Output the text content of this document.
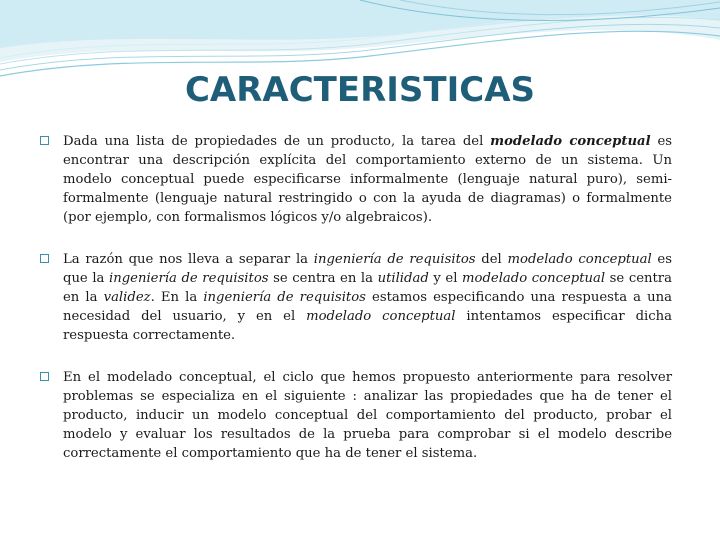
CARACTERISTICAS
Dada una lista de propiedades de un producto, la tarea del modelado conceptual es encontrar una descripción explícita del comportamiento externo de un sistema. Un modelo conceptual puede especificarse informalmente (lenguaje natural puro), semi-formalmente (lenguaje natural restringido o con la ayuda de diagramas) o formalmente (por ejemplo, con formalismos lógicos y/o algebraicos).
La razón que nos lleva a separar la ingeniería de requisitos del modelado conceptual es que la ingeniería de requisitos se centra en la utilidad y el modelado conceptual se centra en la validez. En la ingeniería de requisitos estamos especificando una respuesta a una necesidad del usuario, y en el modelado conceptual intentamos especificar dicha respuesta correctamente.
En el modelado conceptual, el ciclo que hemos propuesto anteriormente para resolver problemas se especializa en el siguiente : analizar las propiedades que ha de tener el producto, inducir un modelo conceptual del comportamiento del producto, probar el modelo y evaluar los resultados de la prueba para comprobar si el modelo describe correctamente el comportamiento que ha de tener el sistema.
